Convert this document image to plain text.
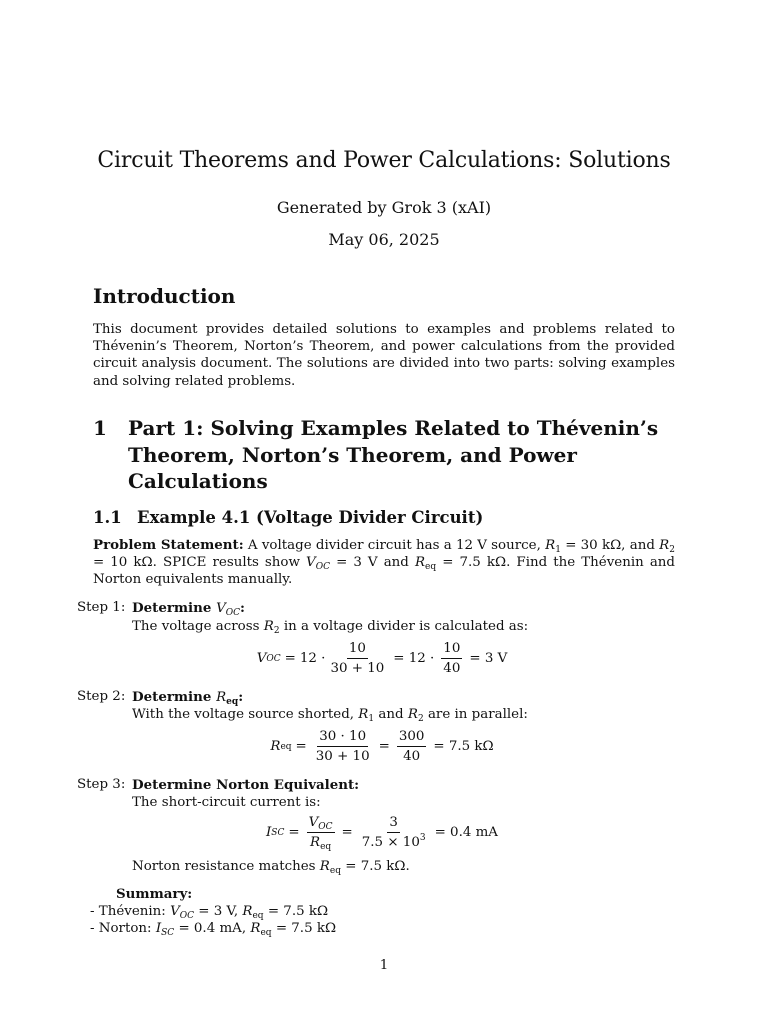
Circuit Theorems and Power Calculations: Solutions
Generated by Grok 3 (xAI)
May 06, 2025
Introduction
This document provides detailed solutions to examples and problems related to Thévenin’s Theorem, Norton’s Theorem, and power calculations from the provided circuit analysis document. The solutions are divided into two parts: solving examples and solving related problems.
1 Part 1: Solving Examples Related to Thévenin’s Theorem, Norton’s Theorem, and Power Calculations
1.1 Example 4.1 (Voltage Divider Circuit)
Problem Statement: A voltage divider circuit has a 12 V source, $R_1 = 30$ kΩ, and $R_2 = 10$ kΩ. SPICE results show $V_{OC} = 3$ V and $R_{eq} = 7.5$ kΩ. Find the Thévenin and Norton equivalents manually.
Step 1: Determine $V_{OC}$:
The voltage across $R_2$ in a voltage divider is calculated as:
V OC = $12 \cdot \frac{10}{30 + 10} = 12 \cdot \frac{10}{40} = 3$ V
Step 2: Determine $R_{eq}$:
With the voltage source shorted, $R_1$ and $R_2$ are in parallel:
R eq = $\frac{30 \cdot 10}{30 + 10} = \frac{300}{40} = 7.5$ kΩ
Step 3: Determine Norton Equivalent:
The short-circuit current is:
I SC = $\frac{V_{OC}}{R_{eq}} = \frac{3}{7.5 \times 10^3} = 0.4$ mA
Norton resistance matches $R_{eq} = 7.5$ kΩ.
Summary:
- Thévenin: $V_{OC} = 3$ V, $R_{eq} = 7.5$ kΩ
- Norton: $I_{SC} = 0.4$ mA, $R_{eq} = 7.5$ kΩ
1
